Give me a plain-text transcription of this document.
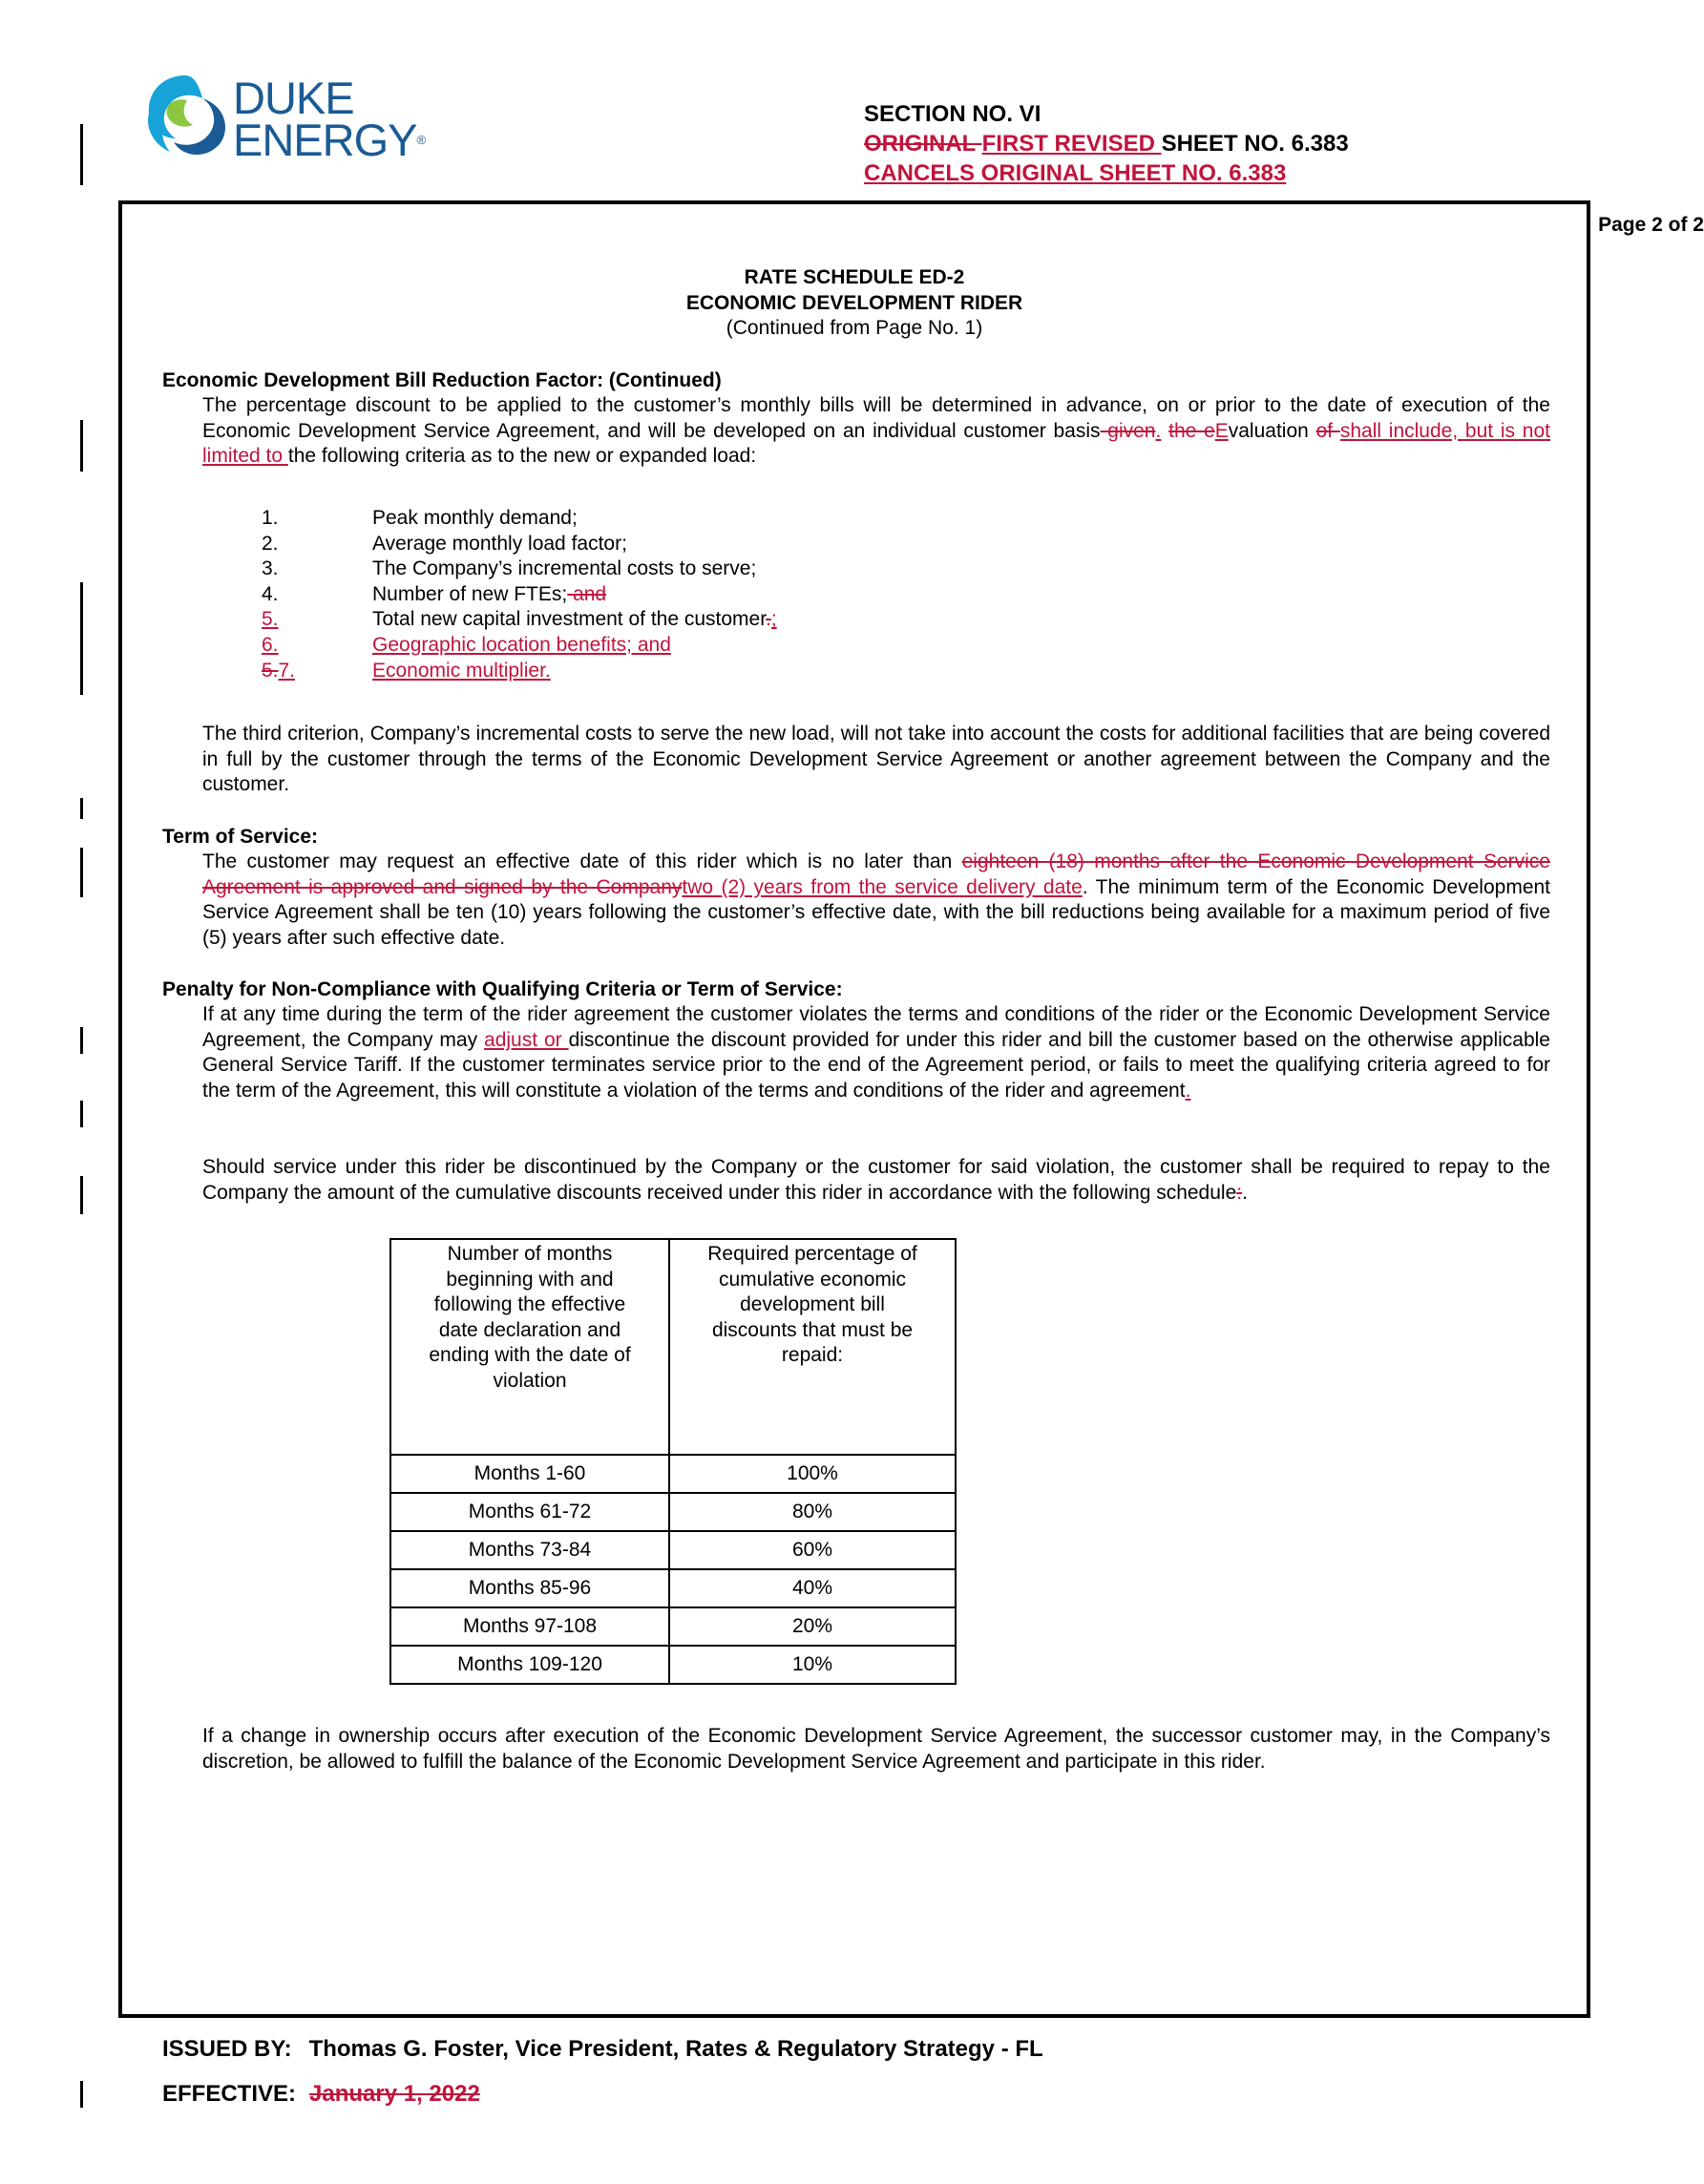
DUKE
ENERGY®
SECTION NO. VI
ORIGINAL FIRST REVISED SHEET NO. 6.383
CANCELS ORIGINAL SHEET NO. 6.383
Page 2 of 2
RATE SCHEDULE ED-2
ECONOMIC DEVELOPMENT RIDER
(Continued from Page No. 1)
Economic Development Bill Reduction Factor: (Continued)
The percentage discount to be applied to the customer’s monthly bills will be determined in advance, on or prior to the date of execution of the Economic Development Service Agreement, and will be developed on an individual customer basis given. the eEvaluation of shall include, but is not limited to the following criteria as to the new or expanded load:
1.	Peak monthly demand;
2.	Average monthly load factor;
3.	The Company’s incremental costs to serve;
4.	Number of new FTEs; and
5.	Total new capital investment of the customer.;
6.	Geographic location benefits; and
5.7.	Economic multiplier.
The third criterion, Company’s incremental costs to serve the new load, will not take into account the costs for additional facilities that are being covered in full by the customer through the terms of the Economic Development Service Agreement or another agreement between the Company and the customer.
Term of Service:
The customer may request an effective date of this rider which is no later than eighteen (18) months after the Economic Development Service Agreement is approved and signed by the Companytwo (2) years from the service delivery date. The minimum term of the Economic Development Service Agreement shall be ten (10) years following the customer’s effective date, with the bill reductions being available for a maximum period of five (5) years after such effective date.
Penalty for Non-Compliance with Qualifying Criteria or Term of Service:
If at any time during the term of the rider agreement the customer violates the terms and conditions of the rider or the Economic Development Service Agreement, the Company may adjust or discontinue the discount provided for under this rider and bill the customer based on the otherwise applicable General Service Tariff. If the customer terminates service prior to the end of the Agreement period, or fails to meet the qualifying criteria agreed to for the term of the Agreement, this will constitute a violation of the terms and conditions of the rider and agreement.
Should service under this rider be discontinued by the Company or the customer for said violation, the customer shall be required to repay to the Company the amount of the cumulative discounts received under this rider in accordance with the following schedule:.
Number of months beginning with and following the effective date declaration and ending with the date of violation	Required percentage of cumulative economic development bill discounts that must be repaid:

Months 1-60	100%
Months 61-72	80%
Months 73-84	60%
Months 85-96	40%
Months 97-108	20%
Months 109-120	10%
If a change in ownership occurs after execution of the Economic Development Service Agreement, the successor customer may, in the Company’s discretion, be allowed to fulfill the balance of the Economic Development Service Agreement and participate in this rider.
ISSUED BY: Thomas G. Foster, Vice President, Rates & Regulatory Strategy - FL
EFFECTIVE: January 1, 2022
